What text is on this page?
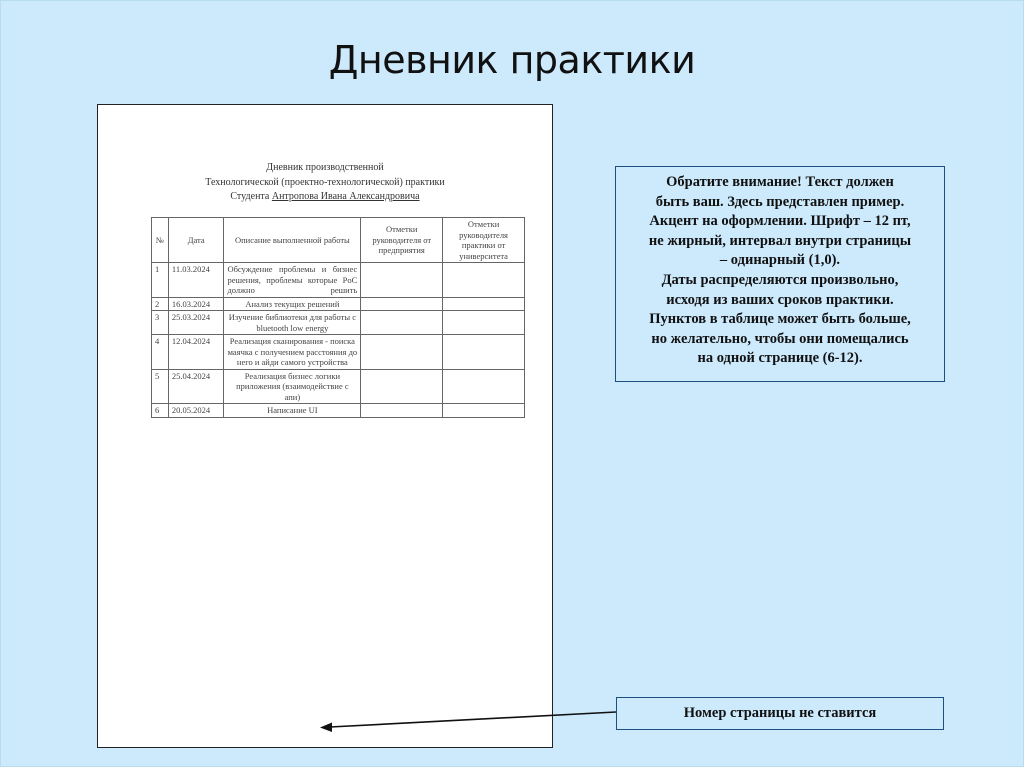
Дневник практики
Дневник производственной
Технологической (проектно-технологической) практики
Студента Антропова Ивана Александровича
№	Дата	Описание выполненной работы	Отметки руководителя от предприятия	Отметки руководителя практики от университета
1	11.03.2024	Обсуждение проблемы и бизнес решения, проблемы которые PoC должно решить		
2	16.03.2024	Анализ текущих решений		
3	25.03.2024	Изучение библиотеки для работы с bluetooth low energy		
4	12.04.2024	Реализация сканирования - поиска маячка с получением расстояния до него и айди самого устройства		
5	25.04.2024	Реализация бизнес логики приложения (взаимодействие с апи)		
6	20.05.2024	Написание UI		
Обратите внимание! Текст должен
быть ваш. Здесь представлен пример.
Акцент на оформлении. Шрифт – 12 пт,
не жирный, интервал внутри страницы
– одинарный (1,0).
Даты распределяются произвольно,
исходя из ваших сроков практики.
Пунктов в таблице может быть больше,
но желательно, чтобы они помещались
на одной странице (6-12).
Номер страницы не ставится
